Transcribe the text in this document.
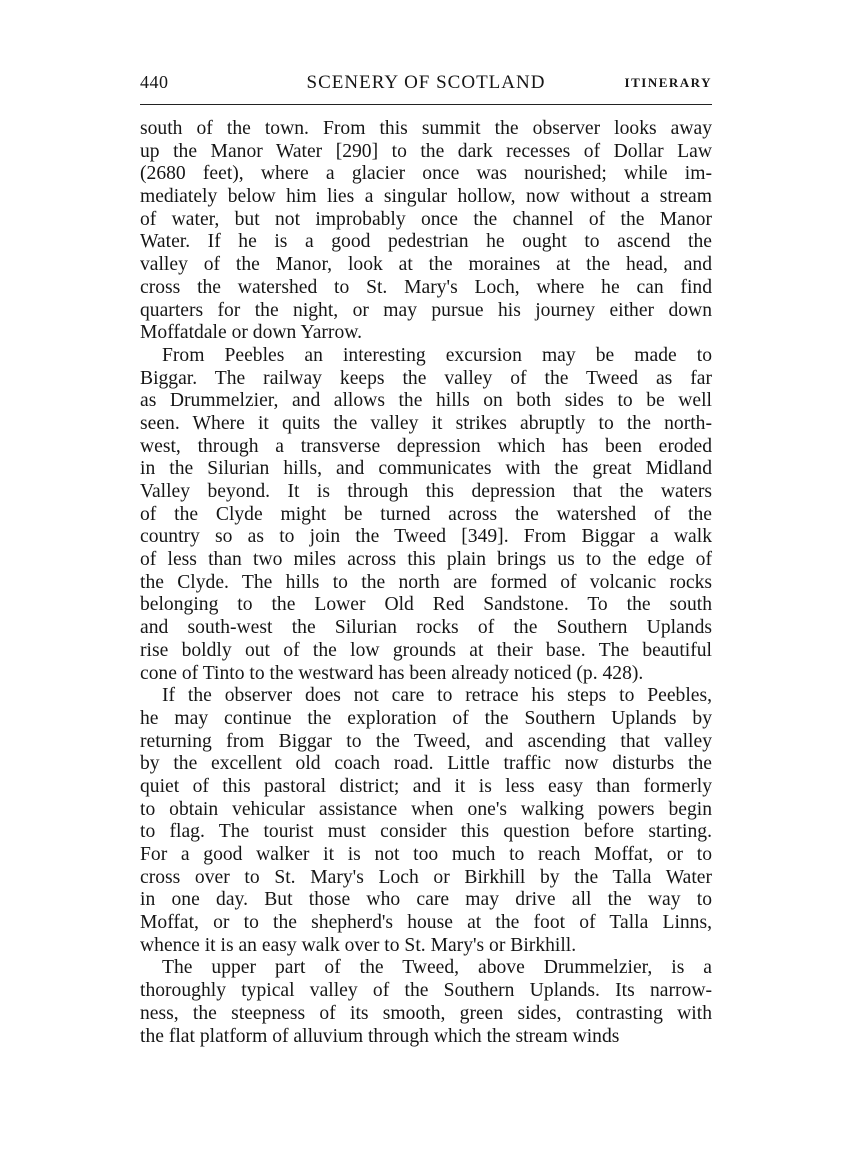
440	SCENERY OF SCOTLAND	ITINERARY

south of the town. From this summit the observer looks away
up the Manor Water [290] to the dark recesses of Dollar Law
(2680 feet), where a glacier once was nourished; while im-
mediately below him lies a singular hollow, now without a stream
of water, but not improbably once the channel of the Manor
Water. If he is a good pedestrian he ought to ascend the
valley of the Manor, look at the moraines at the head, and
cross the watershed to St. Mary's Loch, where he can find
quarters for the night, or may pursue his journey either down
Moffatdale or down Yarrow.

From Peebles an interesting excursion may be made to
Biggar. The railway keeps the valley of the Tweed as far
as Drummelzier, and allows the hills on both sides to be well
seen. Where it quits the valley it strikes abruptly to the north-
west, through a transverse depression which has been eroded
in the Silurian hills, and communicates with the great Midland
Valley beyond. It is through this depression that the waters
of the Clyde might be turned across the watershed of the
country so as to join the Tweed [349]. From Biggar a walk
of less than two miles across this plain brings us to the edge of
the Clyde. The hills to the north are formed of volcanic rocks
belonging to the Lower Old Red Sandstone. To the south
and south-west the Silurian rocks of the Southern Uplands
rise boldly out of the low grounds at their base. The beautiful
cone of Tinto to the westward has been already noticed (p. 428).

If the observer does not care to retrace his steps to Peebles,
he may continue the exploration of the Southern Uplands by
returning from Biggar to the Tweed, and ascending that valley
by the excellent old coach road. Little traffic now disturbs the
quiet of this pastoral district; and it is less easy than formerly
to obtain vehicular assistance when one's walking powers begin
to flag. The tourist must consider this question before starting.
For a good walker it is not too much to reach Moffat, or to
cross over to St. Mary's Loch or Birkhill by the Talla Water
in one day. But those who care may drive all the way to
Moffat, or to the shepherd's house at the foot of Talla Linns,
whence it is an easy walk over to St. Mary's or Birkhill.

The upper part of the Tweed, above Drummelzier, is a
thoroughly typical valley of the Southern Uplands. Its narrow-
ness, the steepness of its smooth, green sides, contrasting with
the flat platform of alluvium through which the stream winds
